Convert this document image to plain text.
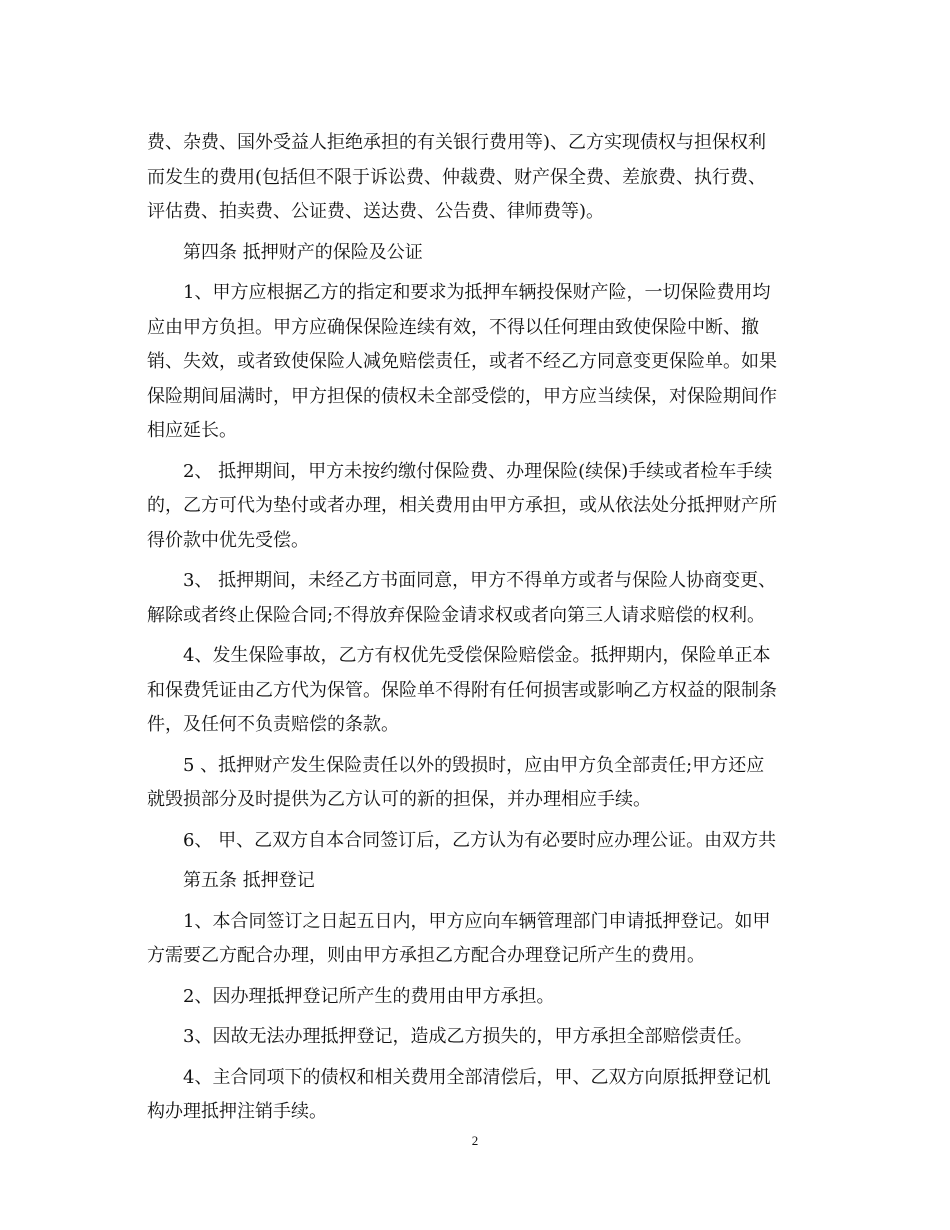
费、杂费、国外受益人拒绝承担的有关银行费用等)、乙方实现债权与担保权利
而发生的费用(包括但不限于诉讼费、仲裁费、财产保全费、差旅费、执行费、
评估费、拍卖费、公证费、送达费、公告费、律师费等)。
第四条 抵押财产的保险及公证
1、甲方应根据乙方的指定和要求为抵押车辆投保财产险，一切保险费用均
应由甲方负担。甲方应确保保险连续有效，不得以任何理由致使保险中断、撤
销、失效，或者致使保险人减免赔偿责任，或者不经乙方同意变更保险单。如果
保险期间届满时，甲方担保的债权未全部受偿的，甲方应当续保，对保险期间作
相应延长。
2、 抵押期间，甲方未按约缴付保险费、办理保险(续保)手续或者检车手续
的，乙方可代为垫付或者办理，相关费用由甲方承担，或从依法处分抵押财产所
得价款中优先受偿。
3、 抵押期间，未经乙方书面同意，甲方不得单方或者与保险人协商变更、
解除或者终止保险合同;不得放弃保险金请求权或者向第三人请求赔偿的权利。
4、发生保险事故，乙方有权优先受偿保险赔偿金。抵押期内，保险单正本
和保费凭证由乙方代为保管。保险单不得附有任何损害或影响乙方权益的限制条
件，及任何不负责赔偿的条款。
5 、抵押财产发生保险责任以外的毁损时，应由甲方负全部责任;甲方还应
就毁损部分及时提供为乙方认可的新的担保，并办理相应手续。
6、 甲、乙双方自本合同签订后，乙方认为有必要时应办理公证。由双方共
第五条 抵押登记
1、本合同签订之日起五日内，甲方应向车辆管理部门申请抵押登记。如甲
方需要乙方配合办理，则由甲方承担乙方配合办理登记所产生的费用。
2、因办理抵押登记所产生的费用由甲方承担。
3、因故无法办理抵押登记，造成乙方损失的，甲方承担全部赔偿责任。
4、主合同项下的债权和相关费用全部清偿后，甲、乙双方向原抵押登记机
构办理抵押注销手续。
2
